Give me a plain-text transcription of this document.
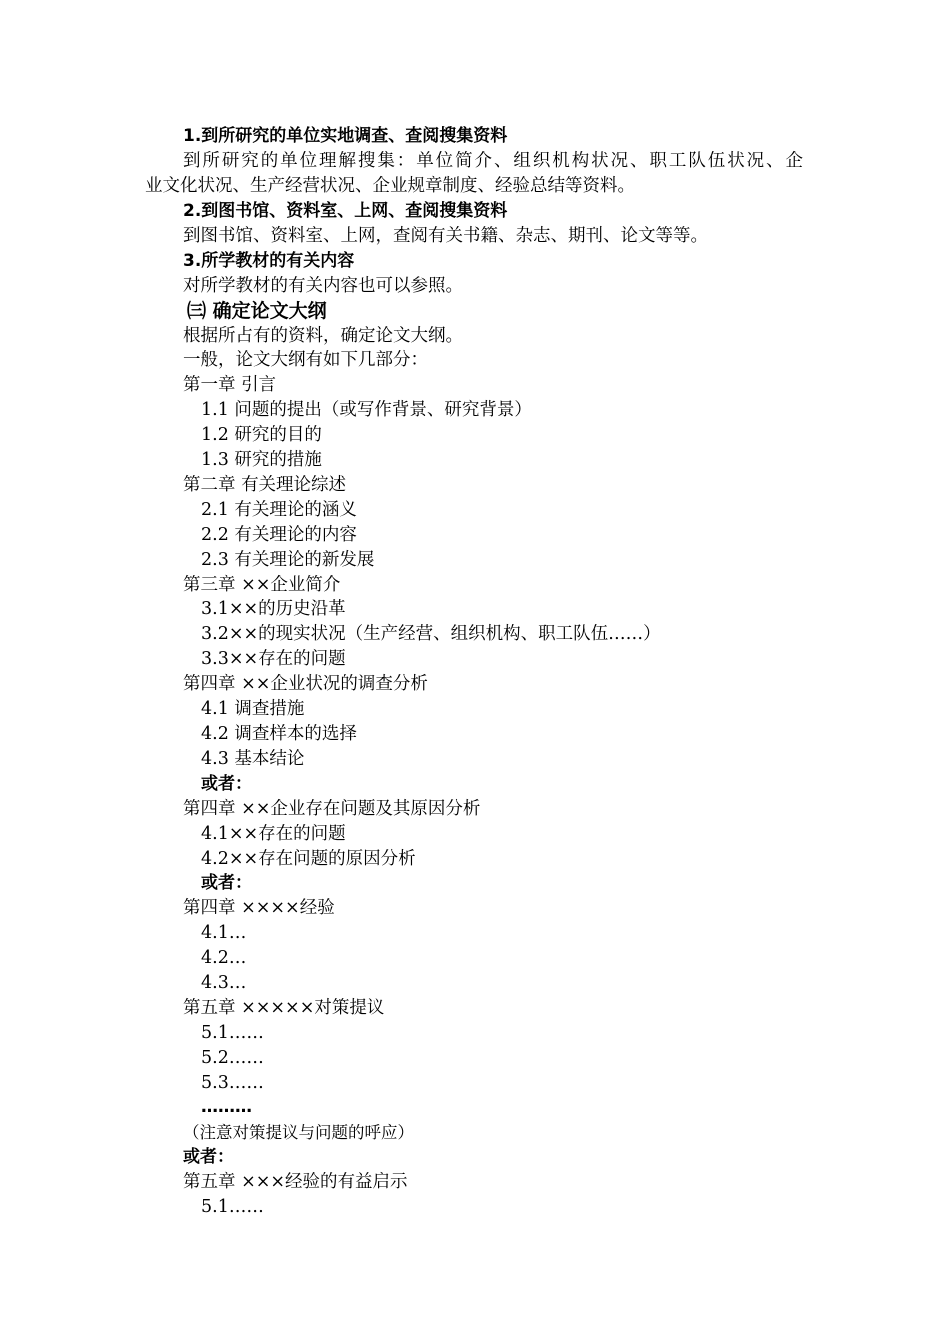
1.到所研究的单位实地调查、查阅搜集资料
到所研究的单位理解搜集：单位简介、组织机构状况、职工队伍状况、企
业文化状况、生产经营状况、企业规章制度、经验总结等资料。
2.到图书馆、资料室、上网、查阅搜集资料
到图书馆、资料室、上网，查阅有关书籍、杂志、期刊、论文等等。
3.所学教材的有关内容
对所学教材的有关内容也可以参照。
㈢ 确定论文大纲
根据所占有的资料，确定论文大纲。
一般，论文大纲有如下几部分：
第一章 引言
1.1 问题的提出（或写作背景、研究背景）
1.2 研究的目的
1.3 研究的措施
第二章 有关理论综述
2.1 有关理论的涵义
2.2 有关理论的内容
2.3 有关理论的新发展
第三章 ××企业简介
3.1××的历史沿革
3.2××的现实状况（生产经营、组织机构、职工队伍……）
3.3××存在的问题
第四章 ××企业状况的调查分析
4.1 调查措施
4.2 调查样本的选择
4.3 基本结论
或者：
第四章 ××企业存在问题及其原因分析
4.1××存在的问题
4.2××存在问题的原因分析
或者：
第四章 ××××经验
4.1…
4.2…
4.3…
第五章 ×××××对策提议
5.1……
5.2……
5.3……
………
（注意对策提议与问题的呼应）
或者：
第五章 ×××经验的有益启示
5.1……
